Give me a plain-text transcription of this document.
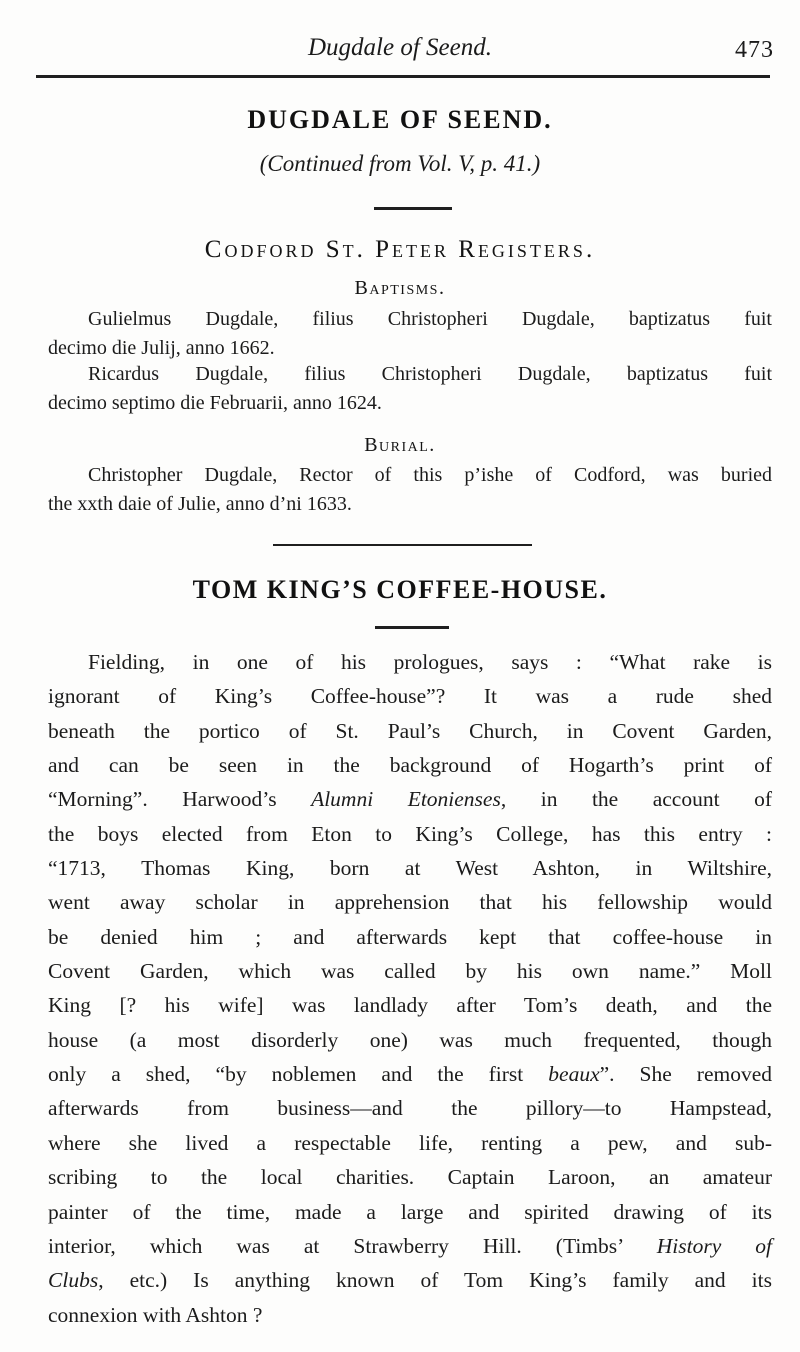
Dugdale of Seend.	473
DUGDALE OF SEEND.
(Continued from Vol. V, p. 41.)
Codford St. Peter Registers.
Baptisms.
Gulielmus Dugdale, filius Christopheri Dugdale, baptizatus fuit
decimo die Julij, anno 1662.
Ricardus Dugdale, filius Christopheri Dugdale, baptizatus fuit
decimo septimo die Februarii, anno 1624.
Burial.
Christopher Dugdale, Rector of this p’ishe of Codford, was buried
the xxth daie of Julie, anno d’ni 1633.
TOM KING’S COFFEE-HOUSE.
Fielding, in one of his prologues, says : “What rake is
ignorant of King’s Coffee-house”? It was a rude shed
beneath the portico of St. Paul’s Church, in Covent Garden,
and can be seen in the background of Hogarth’s print of
“Morning”. Harwood’s Alumni Etonienses, in the account of
the boys elected from Eton to King’s College, has this entry :
“1713, Thomas King, born at West Ashton, in Wiltshire,
went away scholar in apprehension that his fellowship would
be denied him ; and afterwards kept that coffee-house in
Covent Garden, which was called by his own name.” Moll
King [? his wife] was landlady after Tom’s death, and the
house (a most disorderly one) was much frequented, though
only a shed, “by noblemen and the first beaux”. She removed
afterwards from business—and the pillory—to Hampstead,
where she lived a respectable life, renting a pew, and sub-
scribing to the local charities. Captain Laroon, an amateur
painter of the time, made a large and spirited drawing of its
interior, which was at Strawberry Hill. (Timbs’ History of
Clubs, etc.) Is anything known of Tom King’s family and its
connexion with Ashton ?
